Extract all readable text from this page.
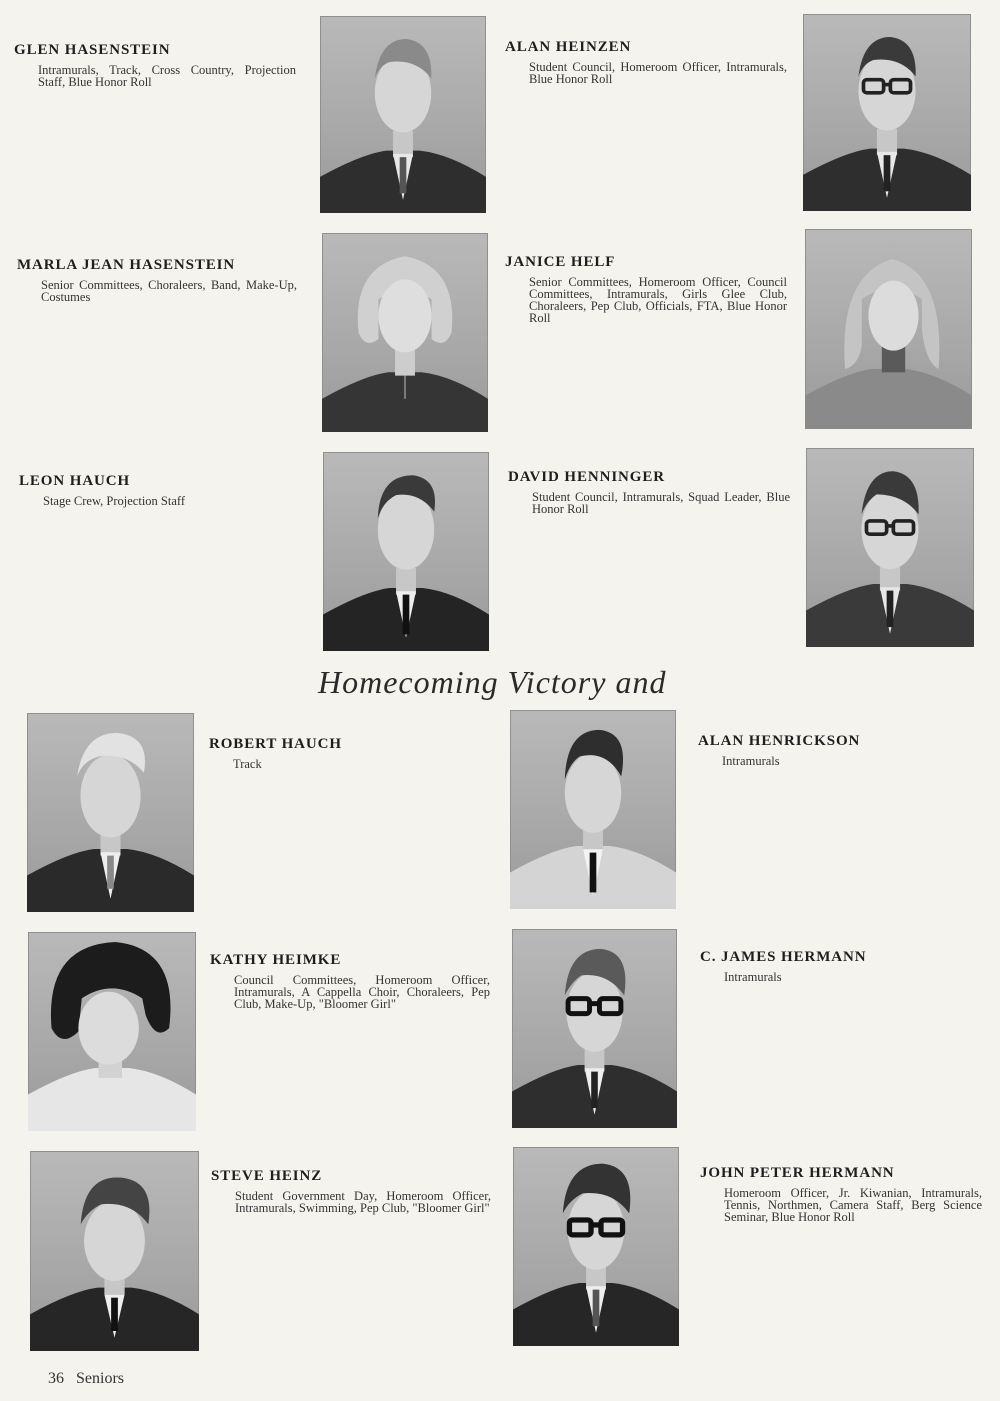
GLEN HASENSTEIN
Intramurals, Track, Cross Country, Projection Staff, Blue Honor Roll
ALAN HEINZEN
Student Council, Homeroom Officer, Intramurals, Blue Honor Roll
MARLA JEAN HASENSTEIN
Senior Committees, Choraleers, Band, Make-Up, Costumes
JANICE HELF
Senior Committees, Homeroom Officer, Council Committees, Intramurals, Girls Glee Club, Choraleers, Pep Club, Officials, FTA, Blue Honor Roll
LEON HAUCH
Stage Crew, Projection Staff
DAVID HENNINGER
Student Council, Intramurals, Squad Leader, Blue Honor Roll
Homecoming Victory and
ROBERT HAUCH
Track
ALAN HENRICKSON
Intramurals
KATHY HEIMKE
Council Committees, Homeroom Officer, Intramurals, A Cappella Choir, Choraleers, Pep Club, Make-Up, "Bloomer Girl"
C. JAMES HERMANN
Intramurals
STEVE HEINZ
Student Government Day, Homeroom Officer, Intramurals, Swimming, Pep Club, "Bloomer Girl"
JOHN PETER HERMANN
Homeroom Officer, Jr. Kiwanian, Intramurals, Tennis, Northmen, Camera Staff, Berg Science Seminar, Blue Honor Roll
36 Seniors
